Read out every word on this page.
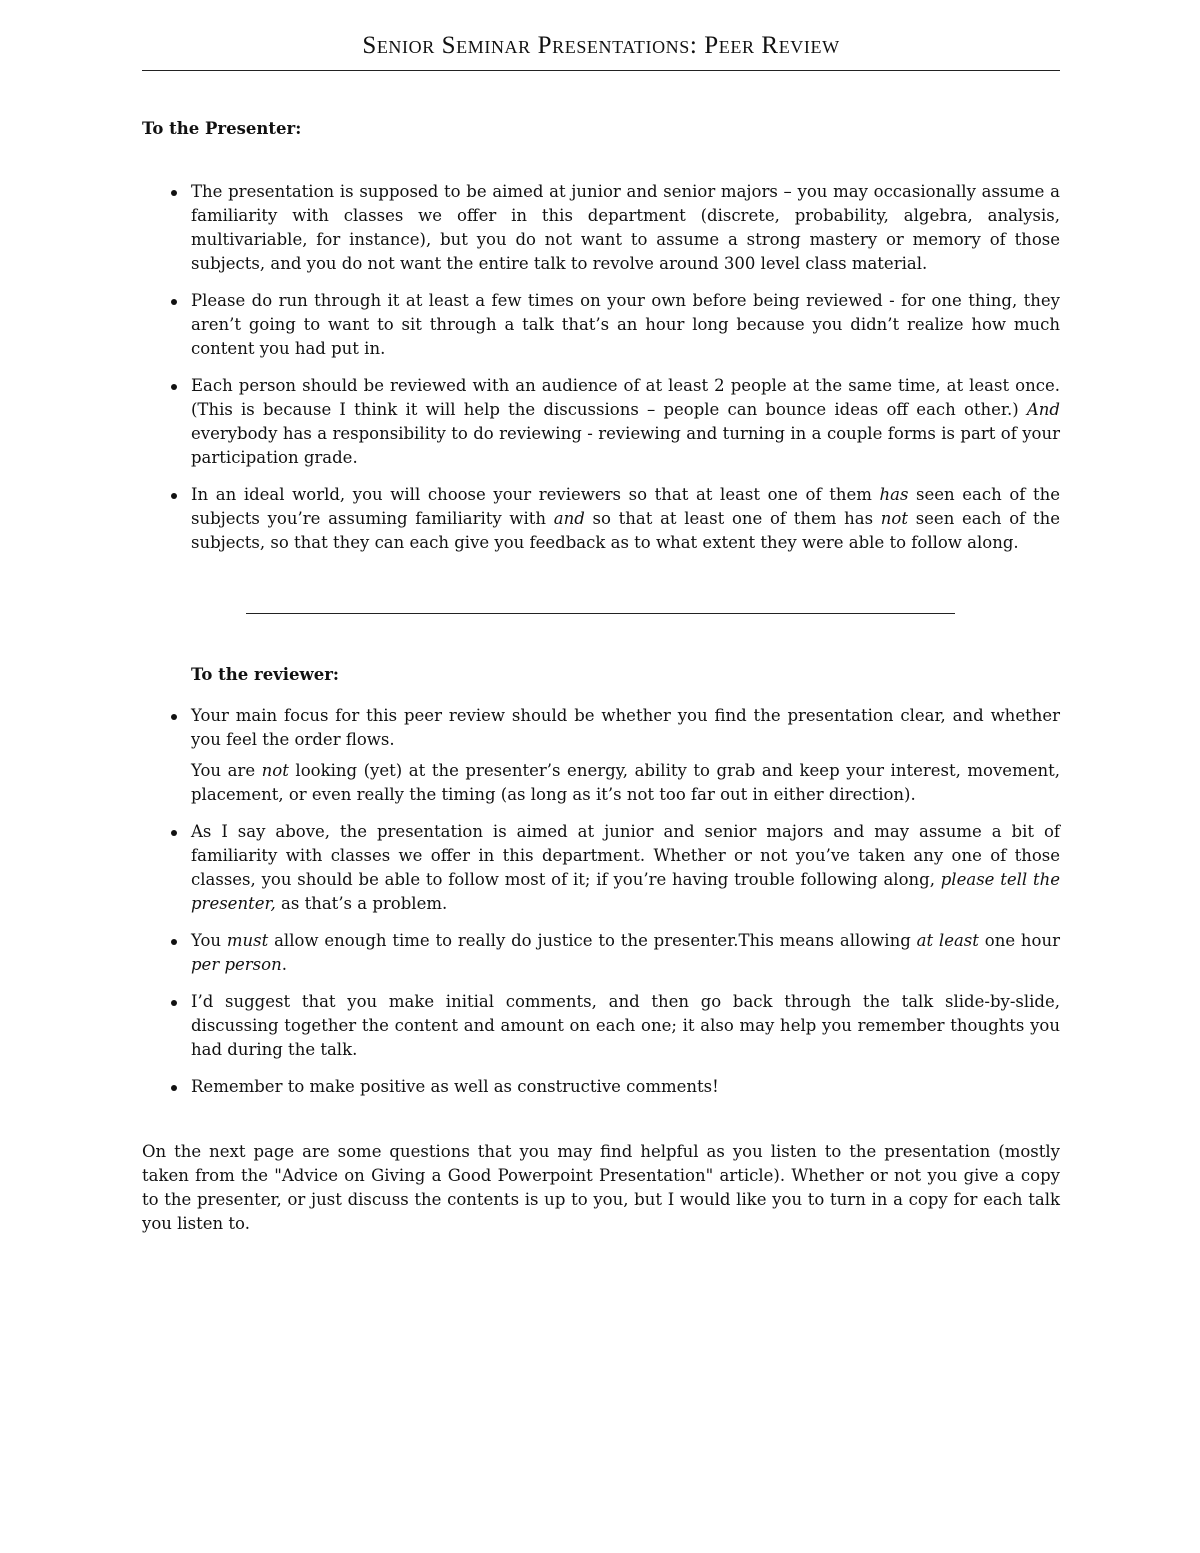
Senior Seminar Presentations: Peer Review
To the Presenter:
The presentation is supposed to be aimed at junior and senior majors – you may occasionally assume a familiarity with classes we offer in this department (discrete, probability, algebra, analysis, multivariable, for instance), but you do not want to assume a strong mastery or memory of those subjects, and you do not want the entire talk to revolve around 300 level class material.
Please do run through it at least a few times on your own before being reviewed - for one thing, they aren’t going to want to sit through a talk that’s an hour long because you didn’t realize how much content you had put in.
Each person should be reviewed with an audience of at least 2 people at the same time, at least once. (This is because I think it will help the discussions – people can bounce ideas off each other.) And everybody has a responsibility to do reviewing - reviewing and turning in a couple forms is part of your participation grade.
In an ideal world, you will choose your reviewers so that at least one of them has seen each of the subjects you’re assuming familiarity with and so that at least one of them has not seen each of the subjects, so that they can each give you feedback as to what extent they were able to follow along.
To the reviewer:
Your main focus for this peer review should be whether you find the presentation clear, and whether you feel the order flows.
You are not looking (yet) at the presenter’s energy, ability to grab and keep your interest, movement, placement, or even really the timing (as long as it’s not too far out in either direction).
As I say above, the presentation is aimed at junior and senior majors and may assume a bit of familiarity with classes we offer in this department. Whether or not you’ve taken any one of those classes, you should be able to follow most of it; if you’re having trouble following along, please tell the presenter, as that’s a problem.
You must allow enough time to really do justice to the presenter.This means allowing at least one hour per person.
I’d suggest that you make initial comments, and then go back through the talk slide-by-slide, discussing together the content and amount on each one; it also may help you remember thoughts you had during the talk.
Remember to make positive as well as constructive comments!

On the next page are some questions that you may find helpful as you listen to the presentation (mostly taken from the "Advice on Giving a Good Powerpoint Presentation" article). Whether or not you give a copy to the presenter, or just discuss the contents is up to you, but I would like you to turn in a copy for each talk you listen to.
